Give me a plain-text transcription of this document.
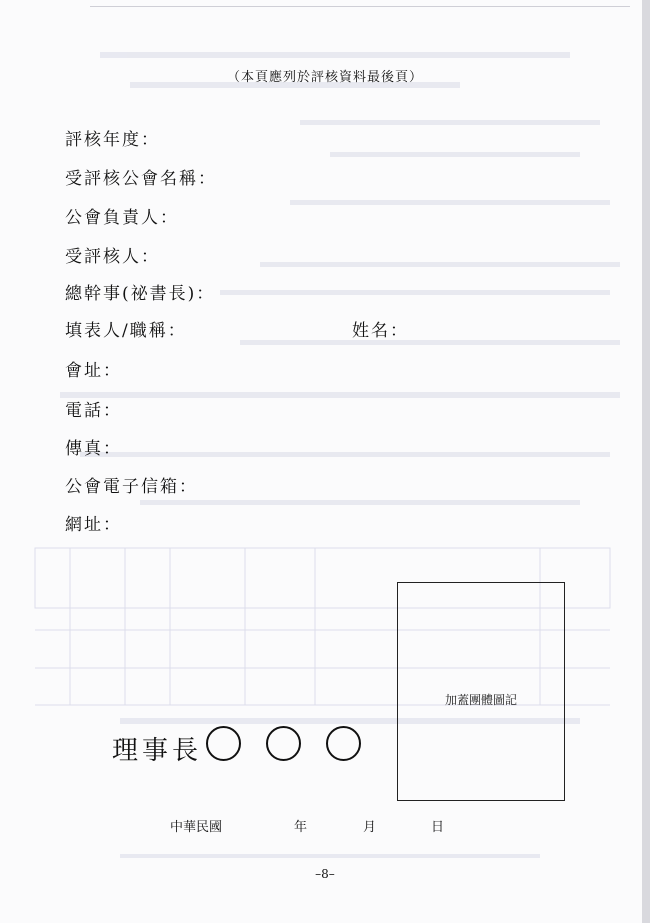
（本頁應列於評核資料最後頁）
評核年度：
受評核公會名稱：
公會負責人：
受評核人：
總幹事(祕書長)：
填表人/職稱：	姓名：
會址：
電話：
傳真：
公會電子信箱：
網址：
加蓋團體圖記
理事長
中華民國	年	月	日
–8–
